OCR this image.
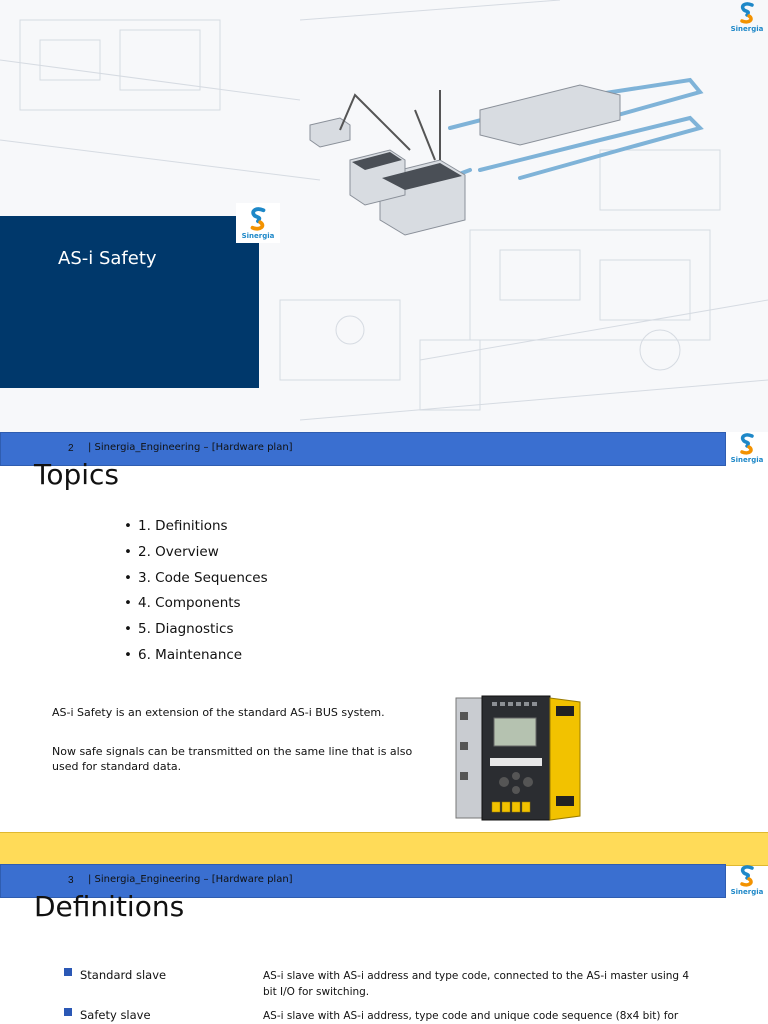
AS-i Safety
Sinergia
Sinergia
2 | Sinergia_Engineering – [Hardware plan]
Sinergia
Topics
• 1. Definitions
• 2. Overview
• 3. Code Sequences
• 4. Components
• 5. Diagnostics
• 6. Maintenance
AS-i Safety is an extension of the standard AS-i BUS system.
Now safe signals can be transmitted on the same line that is also used for standard data.
3 | Sinergia_Engineering – [Hardware plan]
Sinergia
Definitions
Standard slave	AS-i slave with AS-i address and type code, connected to the AS-i master using 4 bit I/O for switching.
Safety slave	AS-i slave with AS-i address, type code and unique code sequence (8x4 bit) for
